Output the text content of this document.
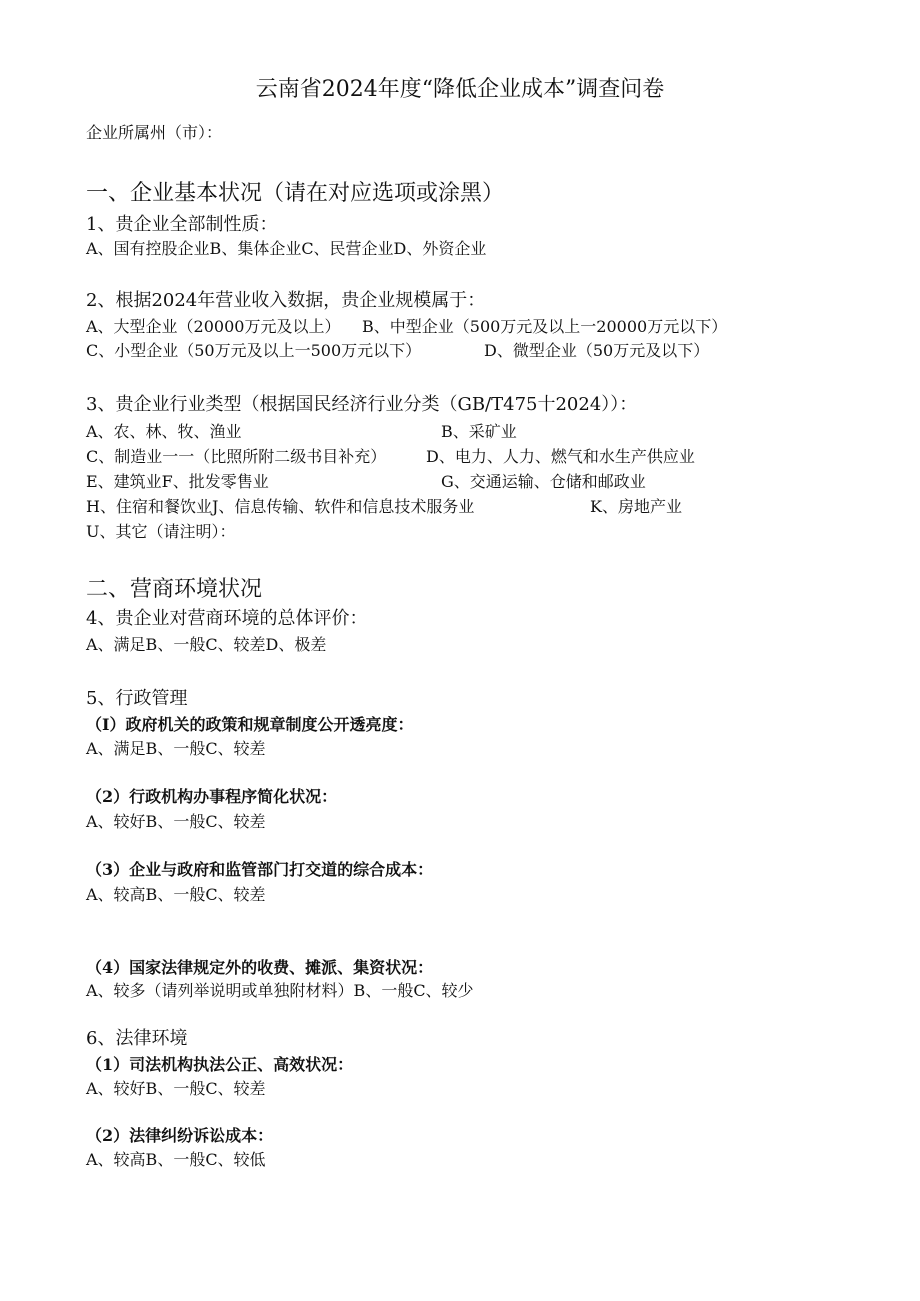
云南省2024年度“降低企业成本”调查问卷
企业所属州（市）：
一、企业基本状况（请在对应选项或涂黑）
1、贵企业全部制性质：
A、国有控股企业B、集体企业C、民营企业D、外资企业
2、根据2024年营业收入数据，贵企业规模属于：
A、大型企业（20000万元及以上） B、中型企业（500万元及以上一20000万元以下）
C、小型企业（50万元及以上一500万元以下）	D、微型企业（50万元及以下）
3、贵企业行业类型（根据国民经济行业分类（GB/T475十2024））：
A、农、林、牧、渔业	B、采矿业
C、制造业一一（比照所附二级书目补充） D、电力、人力、燃气和水生产供应业
E、建筑业F、批发零售业	G、交通运输、仓储和邮政业
H、住宿和餐饮业J、信息传输、软件和信息技术服务业	K、房地产业
U、其它（请注明）：
二、营商环境状况
4、贵企业对营商环境的总体评价：
A、满足B、一般C、较差D、极差
5、行政管理
（I）政府机关的政策和规章制度公开透亮度：
A、满足B、一般C、较差
（2）行政机构办事程序简化状况：
A、较好B、一般C、较差
（3）企业与政府和监管部门打交道的综合成本：
A、较高B、一般C、较差
（4）国家法律规定外的收费、摊派、集资状况：
A、较多（请列举说明或单独附材料）B、一般C、较少
6、法律环境
（1）司法机构执法公正、高效状况：
A、较好B、一般C、较差
（2）法律纠纷诉讼成本：
A、较高B、一般C、较低
